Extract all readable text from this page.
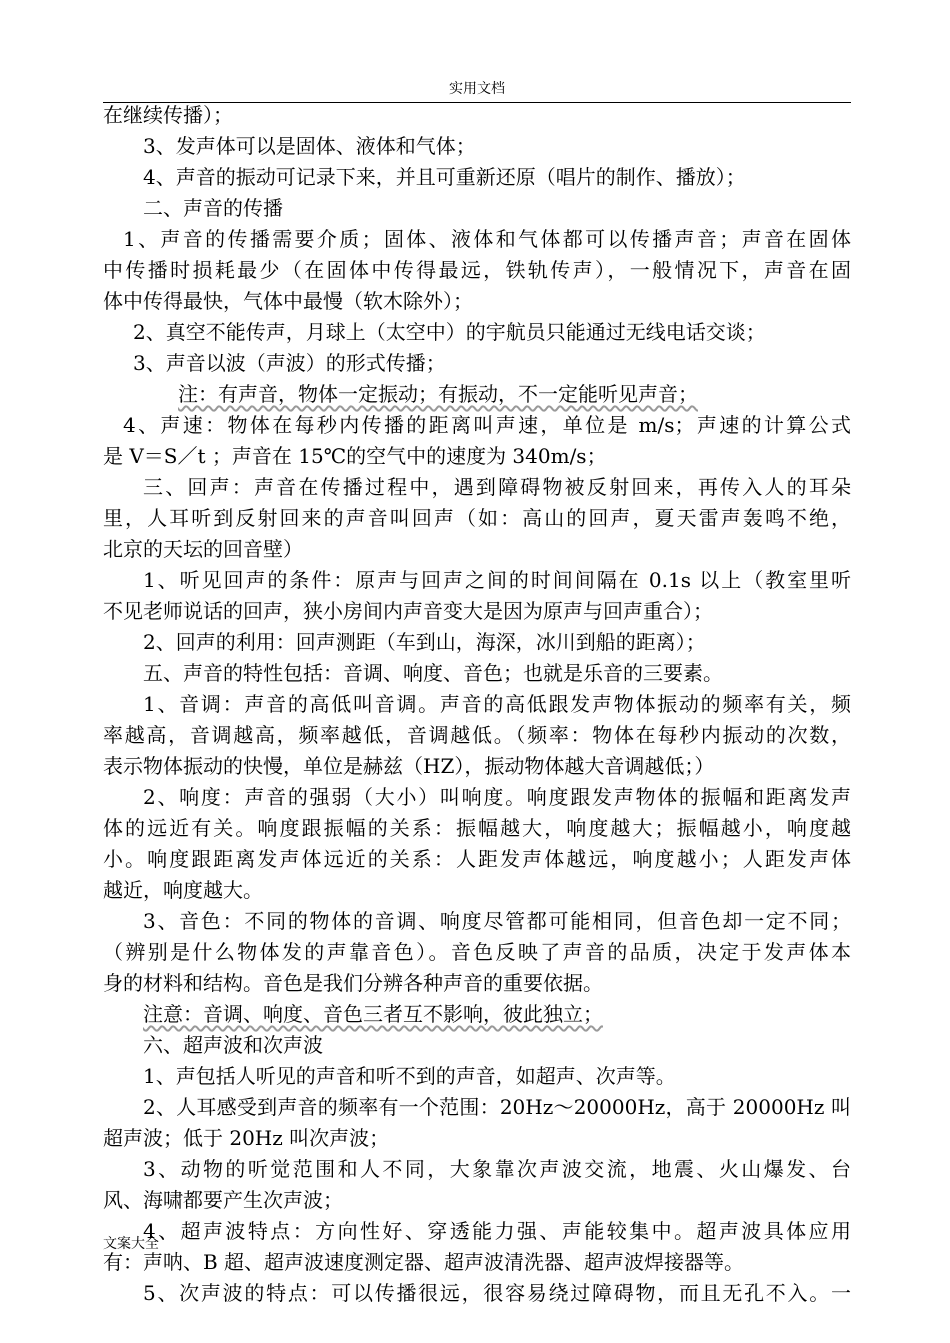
实用文档
在继续传播）；
3、发声体可以是固体、液体和气体；
4、声音的振动可记录下来，并且可重新还原（唱片的制作、播放）；
二、声音的传播
1、声音的传播需要介质；固体、液体和气体都可以传播声音；声音在固体
中传播时损耗最少（在固体中传得最远，铁轨传声），一般情况下，声音在固
体中传得最快，气体中最慢（软木除外）；
2、真空不能传声，月球上（太空中）的宇航员只能通过无线电话交谈；
3、声音以波（声波）的形式传播；
注：有声音，物体一定振动；有振动，不一定能听见声音；
4、声速：物体在每秒内传播的距离叫声速，单位是 m/s；声速的计算公式
是 V＝S／t ；声音在 15℃的空气中的速度为 340m/s；
三、回声：声音在传播过程中，遇到障碍物被反射回来，再传入人的耳朵
里，人耳听到反射回来的声音叫回声（如：高山的回声，夏天雷声轰鸣不绝，
北京的天坛的回音壁）
1、听见回声的条件：原声与回声之间的时间间隔在 0.1s 以上（教室里听
不见老师说话的回声，狭小房间内声音变大是因为原声与回声重合）；
2、回声的利用：回声测距（车到山，海深，冰川到船的距离）；
五、声音的特性包括：音调、响度、音色；也就是乐音的三要素。
1、音调：声音的高低叫音调。声音的高低跟发声物体振动的频率有关，频
率越高，音调越高，频率越低，音调越低。（频率：物体在每秒内振动的次数，
表示物体振动的快慢，单位是赫兹（HZ），振动物体越大音调越低；）
2、响度：声音的强弱（大小）叫响度。响度跟发声物体的振幅和距离发声
体的远近有关。响度跟振幅的关系：振幅越大，响度越大；振幅越小，响度越
小。响度跟距离发声体远近的关系：人距发声体越远，响度越小；人距发声体
越近，响度越大。
3、音色：不同的物体的音调、响度尽管都可能相同，但音色却一定不同；
（辨别是什么物体发的声靠音色）。音色反映了声音的品质，决定于发声体本
身的材料和结构。音色是我们分辨各种声音的重要依据。
注意：音调、响度、音色三者互不影响，彼此独立；
六、超声波和次声波
1、声包括人听见的声音和听不到的声音，如超声、次声等。
2、人耳感受到声音的频率有一个范围：20Hz～20000Hz，高于 20000Hz 叫
超声波；低于 20Hz 叫次声波；
3、动物的听觉范围和人不同，大象靠次声波交流，地震、火山爆发、台
风、海啸都要产生次声波；
4、超声波特点：方向性好、穿透能力强、声能较集中。超声波具体应用
有：声呐、B 超、超声波速度测定器、超声波清洗器、超声波焊接器等。
5、次声波的特点：可以传播很远，很容易绕过障碍物，而且无孔不入。一
文案大全
